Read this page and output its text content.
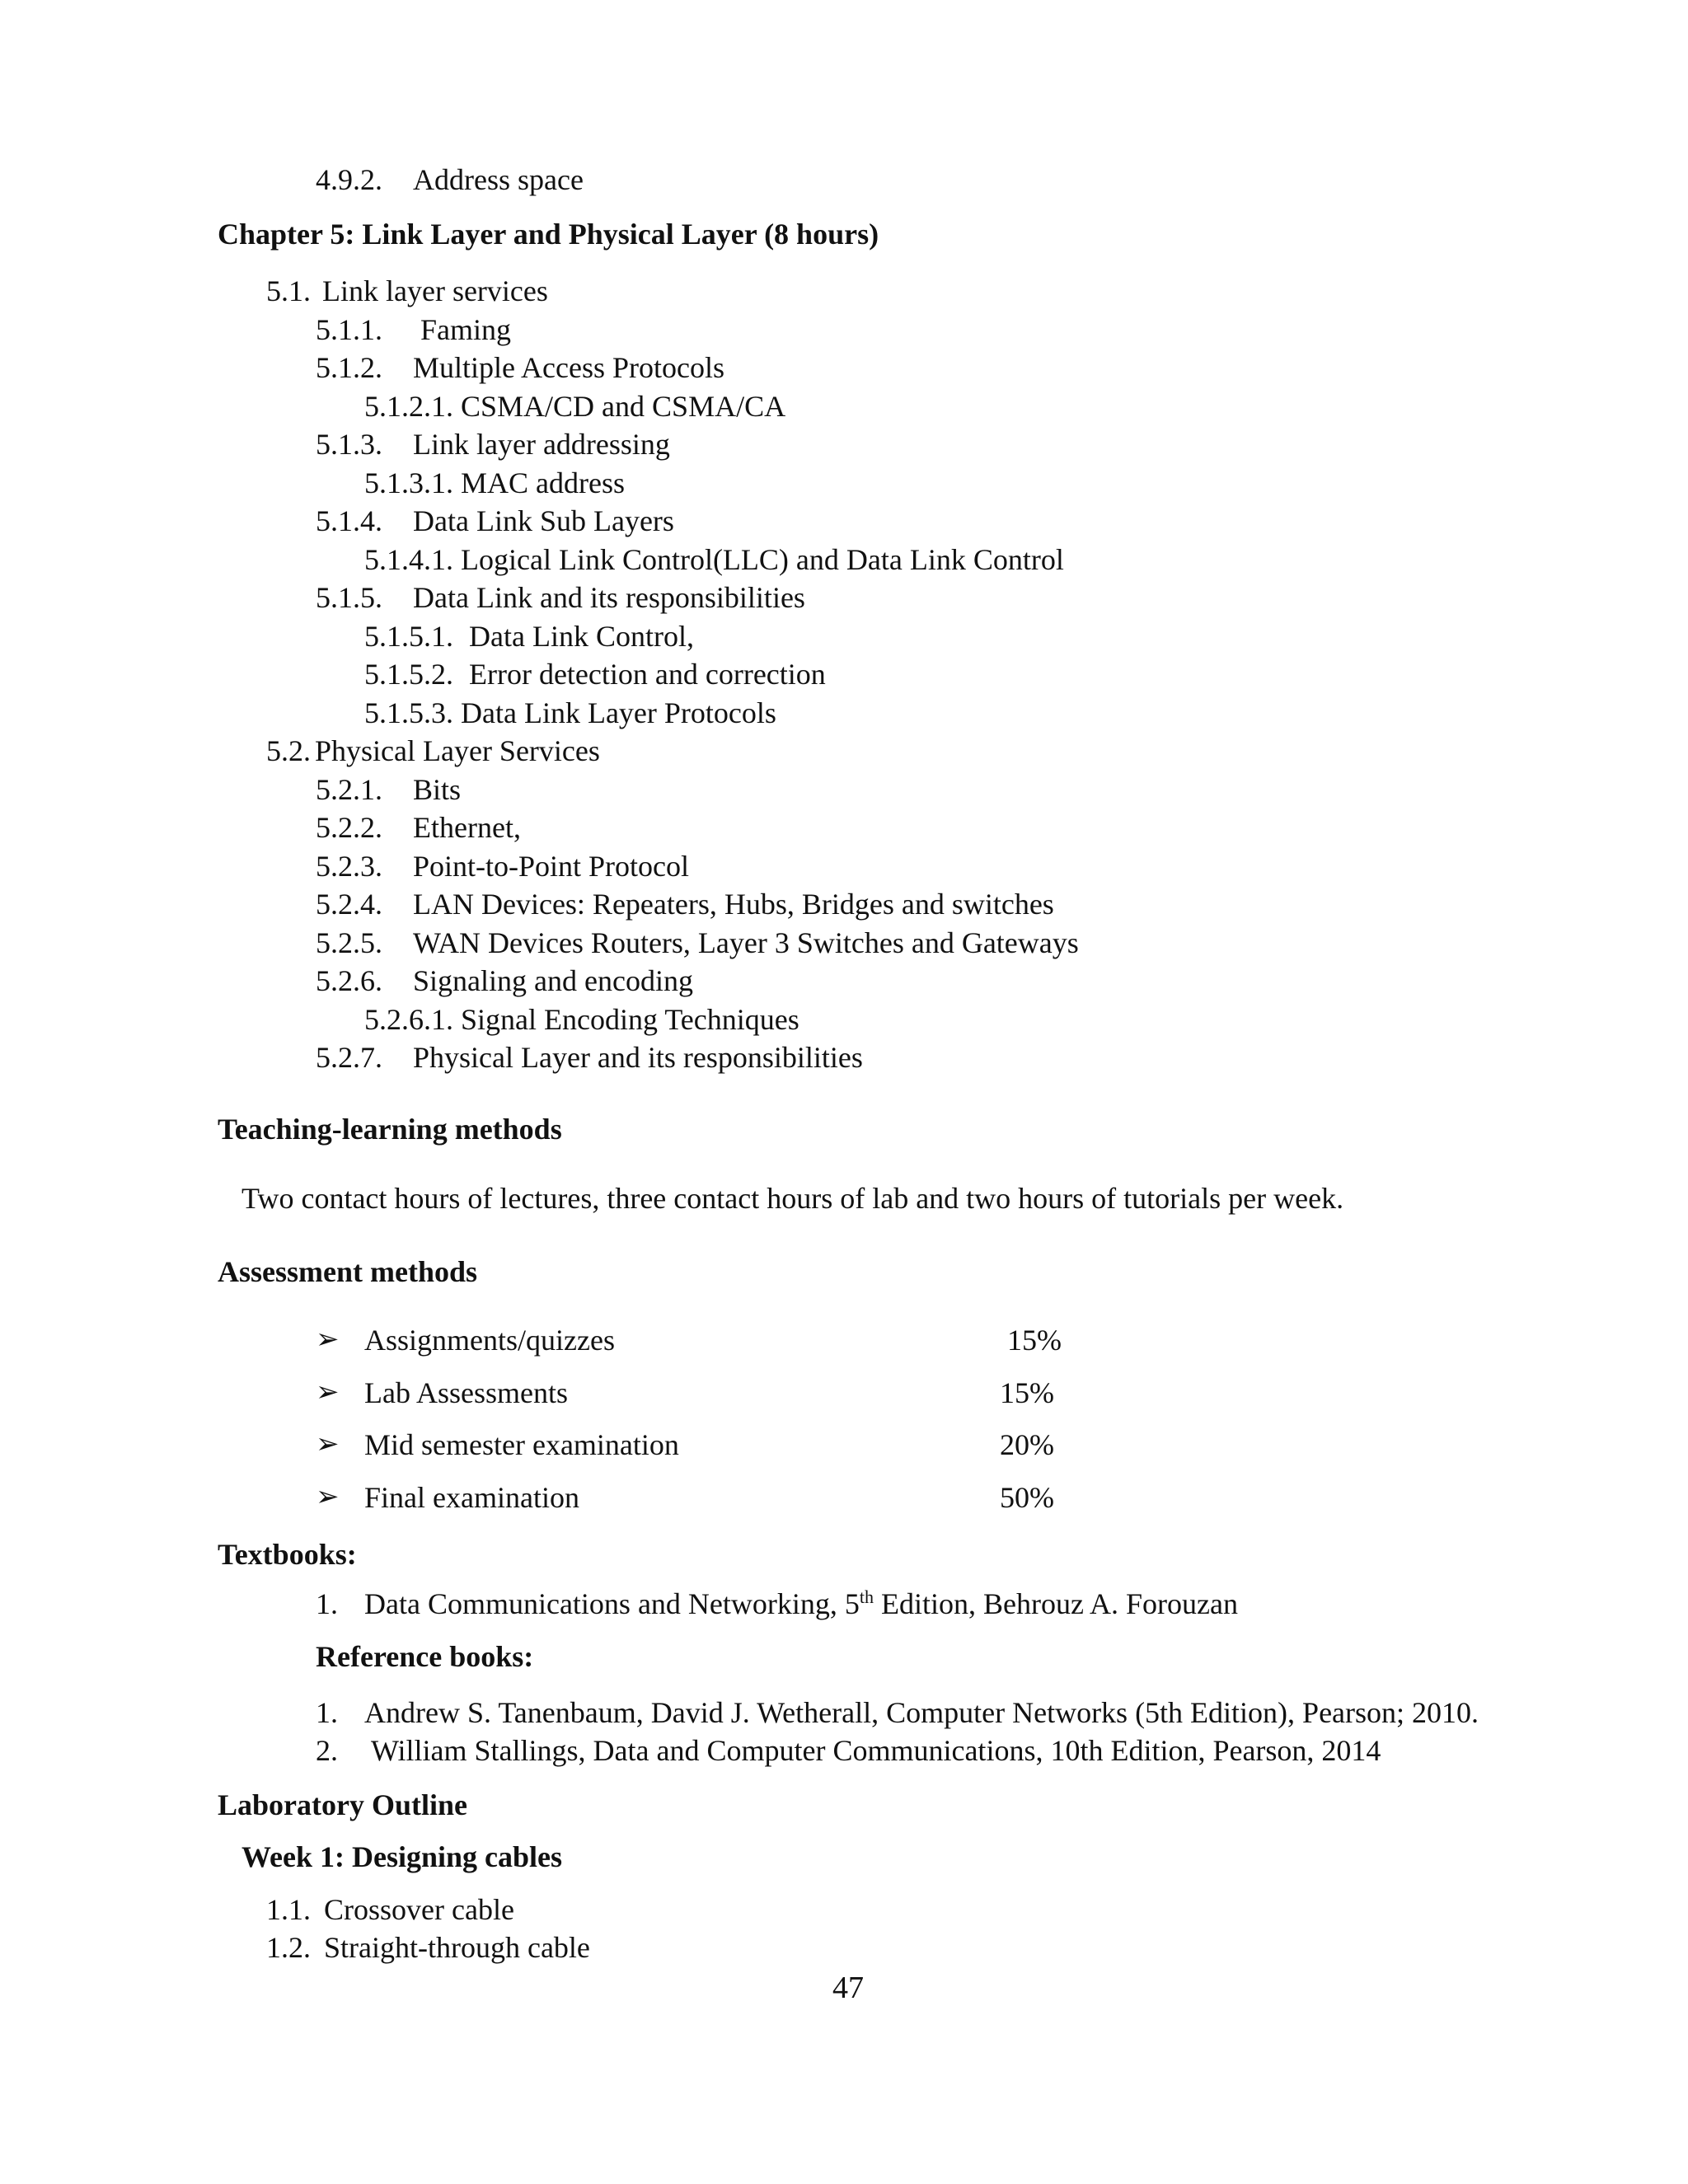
4.9.2. Address space
Chapter 5: Link Layer and Physical Layer (8 hours)
5.1. Link layer services
5.1.1. Faming
5.1.2. Multiple Access Protocols
5.1.2.1. CSMA/CD and CSMA/CA
5.1.3. Link layer addressing
5.1.3.1. MAC address
5.1.4. Data Link Sub Layers
5.1.4.1. Logical Link Control(LLC) and Data Link Control
5.1.5. Data Link and its responsibilities
5.1.5.1. Data Link Control,
5.1.5.2. Error detection and correction
5.1.5.3. Data Link Layer Protocols
5.2. Physical Layer Services
5.2.1. Bits
5.2.2. Ethernet,
5.2.3. Point-to-Point Protocol
5.2.4. LAN Devices: Repeaters, Hubs, Bridges and switches
5.2.5. WAN Devices Routers, Layer 3 Switches and Gateways
5.2.6. Signaling and encoding
5.2.6.1. Signal Encoding Techniques
5.2.7. Physical Layer and its responsibilities
Teaching-learning methods
Two contact hours of lectures, three contact hours of lab and two hours of tutorials per week.
Assessment methods
➢ Assignments/quizzes	15%
➢ Lab Assessments	15%
➢ Mid semester examination	20%
➢ Final examination	50%
Textbooks:
1. Data Communications and Networking, 5th Edition, Behrouz A. Forouzan
Reference books:
1. Andrew S. Tanenbaum, David J. Wetherall, Computer Networks (5th Edition), Pearson; 2010.
2. William Stallings, Data and Computer Communications, 10th Edition, Pearson, 2014
Laboratory Outline
Week 1: Designing cables
1.1. Crossover cable
1.2. Straight-through cable
47
